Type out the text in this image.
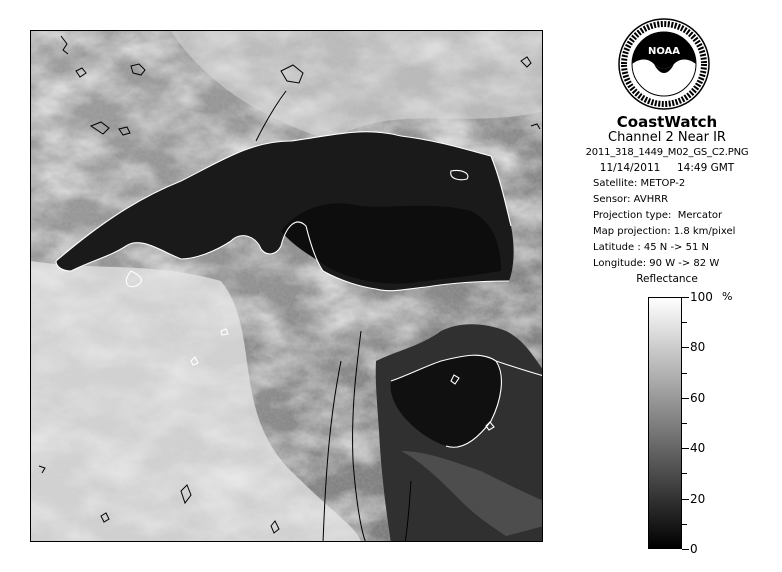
NOAA
CoastWatch
Channel 2 Near IR
2011_318_1449_M02_GS_C2.PNG
11/14/2011     14:49 GMT
Satellite: METOP-2
Sensor: AVHRR
Projection type:  Mercator
Map projection: 1.8 km/pixel
Latitude : 45 N -> 51 N
Longitude: 90 W -> 82 W
Reflectance
%
100
80
60
40
20
0
